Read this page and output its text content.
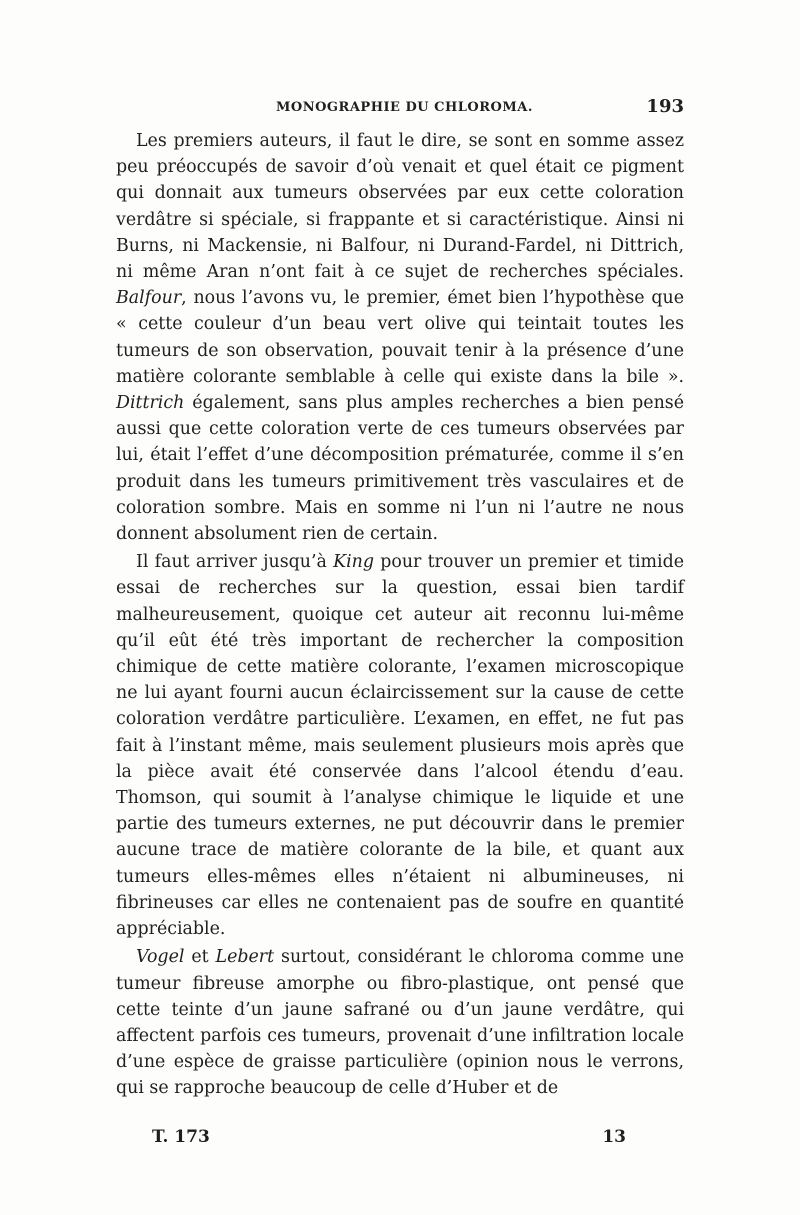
MONOGRAPHIE DU CHLOROMA.	193

Les premiers auteurs, il faut le dire, se sont en somme assez peu préoccupés de savoir d’où venait et quel était ce pigment qui donnait aux tumeurs observées par eux cette coloration verdâtre si spéciale, si frappante et si caractéristique. Ainsi ni Burns, ni Mackensie, ni Balfour, ni Durand-Fardel, ni Dittrich, ni même Aran n’ont fait à ce sujet de recherches spéciales. Balfour, nous l’avons vu, le premier, émet bien l’hypothèse que « cette couleur d’un beau vert olive qui teintait toutes les tumeurs de son observation, pouvait tenir à la présence d’une matière colorante semblable à celle qui existe dans la bile ». Dittrich également, sans plus amples recherches a bien pensé aussi que cette coloration verte de ces tumeurs observées par lui, était l’effet d’une décomposition prématurée, comme il s’en produit dans les tumeurs primitivement très vasculaires et de coloration sombre. Mais en somme ni l’un ni l’autre ne nous donnent absolument rien de certain.

Il faut arriver jusqu’à King pour trouver un premier et timide essai de recherches sur la question, essai bien tardif malheureusement, quoique cet auteur ait reconnu lui-même qu’il eût été très important de rechercher la composition chimique de cette matière colorante, l’examen microscopique ne lui ayant fourni aucun éclaircissement sur la cause de cette coloration verdâtre particulière. L’examen, en effet, ne fut pas fait à l’instant même, mais seulement plusieurs mois après que la pièce avait été conservée dans l’alcool étendu d’eau. Thomson, qui soumit à l’analyse chimique le liquide et une partie des tumeurs externes, ne put découvrir dans le premier aucune trace de matière colorante de la bile, et quant aux tumeurs elles-mêmes elles n’étaient ni albumineuses, ni fibrineuses car elles ne contenaient pas de soufre en quantité appréciable.

Vogel et Lebert surtout, considérant le chloroma comme une tumeur fibreuse amorphe ou fibro-plastique, ont pensé que cette teinte d’un jaune safrané ou d’un jaune verdâtre, qui affectent parfois ces tumeurs, provenait d’une infiltration locale d’une espèce de graisse particulière (opinion nous le verrons, qui se rapproche beaucoup de celle d’Huber et de

T. 173	13
